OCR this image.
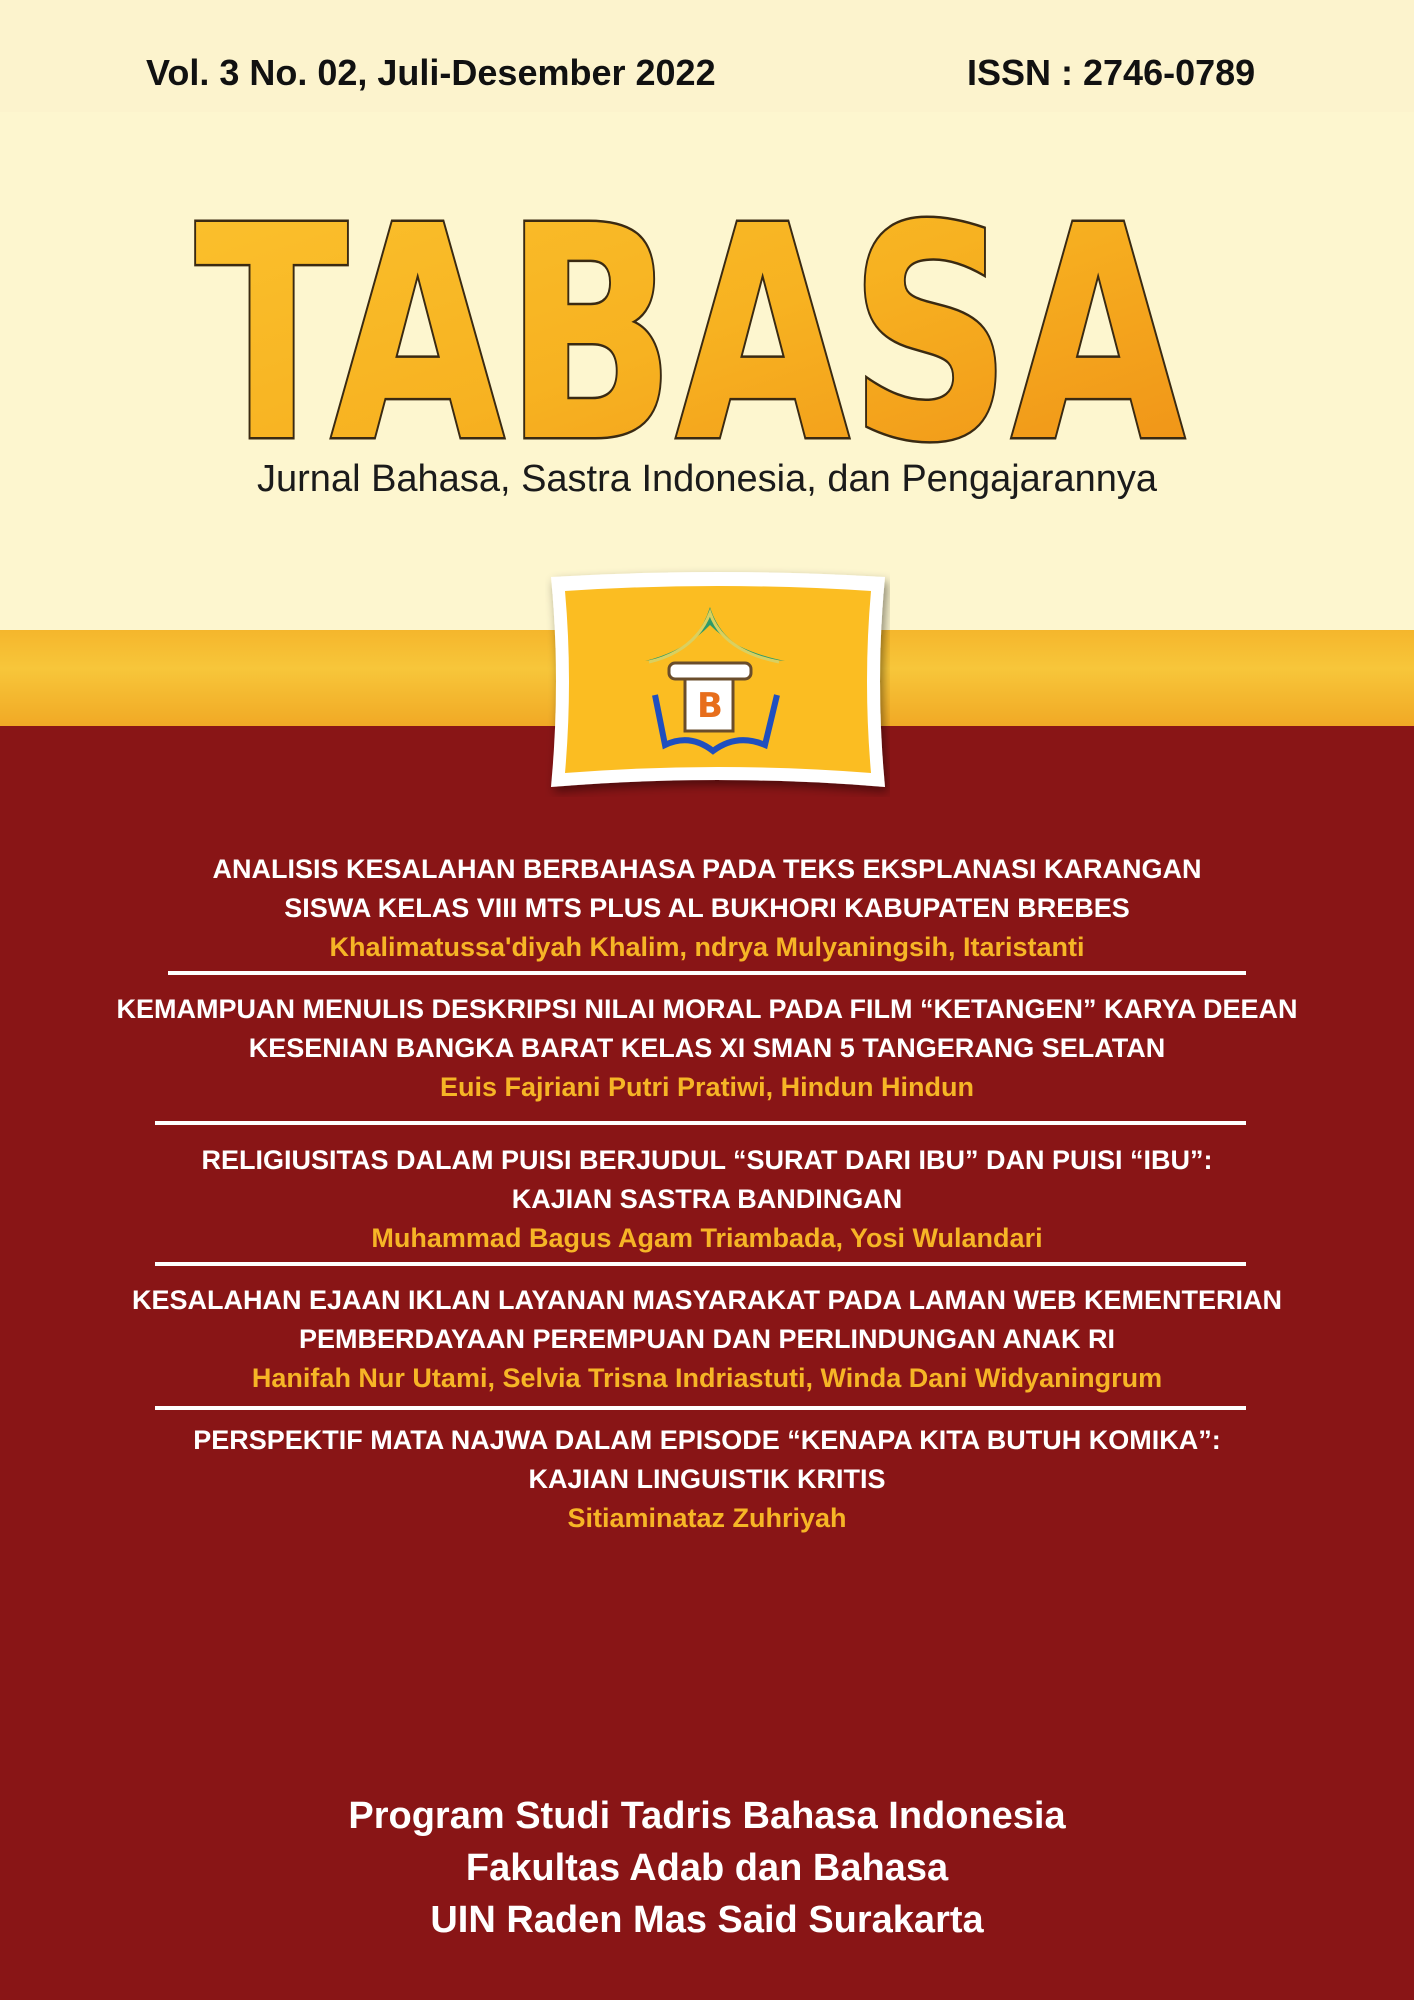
Vol. 3 No. 02, Juli-Desember 2022	ISSN : 2746-0789
TABASA
Jurnal Bahasa, Sastra Indonesia, dan Pengajarannya
B
ANALISIS KESALAHAN BERBAHASA PADA TEKS EKSPLANASI KARANGAN
SISWA KELAS VIII MTS PLUS AL BUKHORI KABUPATEN BREBES
Khalimatussa'diyah Khalim, ndrya Mulyaningsih, Itaristanti
KEMAMPUAN MENULIS DESKRIPSI NILAI MORAL PADA FILM “KETANGEN” KARYA DEEAN
KESENIAN BANGKA BARAT KELAS XI SMAN 5 TANGERANG SELATAN
Euis Fajriani Putri Pratiwi, Hindun Hindun
RELIGIUSITAS DALAM PUISI BERJUDUL “SURAT DARI IBU” DAN PUISI “IBU”:
KAJIAN SASTRA BANDINGAN
Muhammad Bagus Agam Triambada, Yosi Wulandari
KESALAHAN EJAAN IKLAN LAYANAN MASYARAKAT PADA LAMAN WEB KEMENTERIAN
PEMBERDAYAAN PEREMPUAN DAN PERLINDUNGAN ANAK RI
Hanifah Nur Utami, Selvia Trisna Indriastuti, Winda Dani Widyaningrum
PERSPEKTIF MATA NAJWA DALAM EPISODE “KENAPA KITA BUTUH KOMIKA”:
KAJIAN LINGUISTIK KRITIS
Sitiaminataz Zuhriyah
Program Studi Tadris Bahasa Indonesia
Fakultas Adab dan Bahasa
UIN Raden Mas Said Surakarta
